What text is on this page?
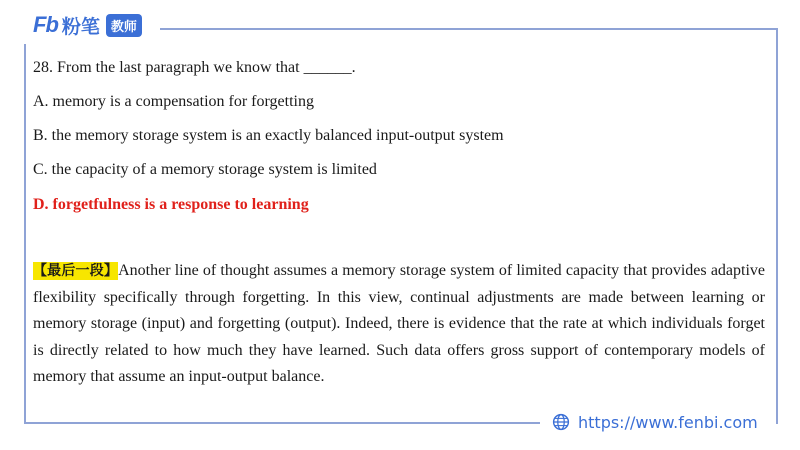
Fb 粉笔 教师
28. From the last paragraph we know that ______.
A. memory is a compensation for forgetting
B. the memory storage system is an exactly balanced input-output system
C. the capacity of a memory storage system is limited
D. forgetfulness is a response to learning
【最后一段】Another line of thought assumes a memory storage system of limited capacity that provides adaptive flexibility specifically through forgetting. In this view, continual adjustments are made between learning or memory storage (input) and forgetting (output). Indeed, there is evidence that the rate at which individuals forget is directly related to how much they have learned. Such data offers gross support of contemporary models of memory that assume an input-output balance.
https://www.fenbi.com
